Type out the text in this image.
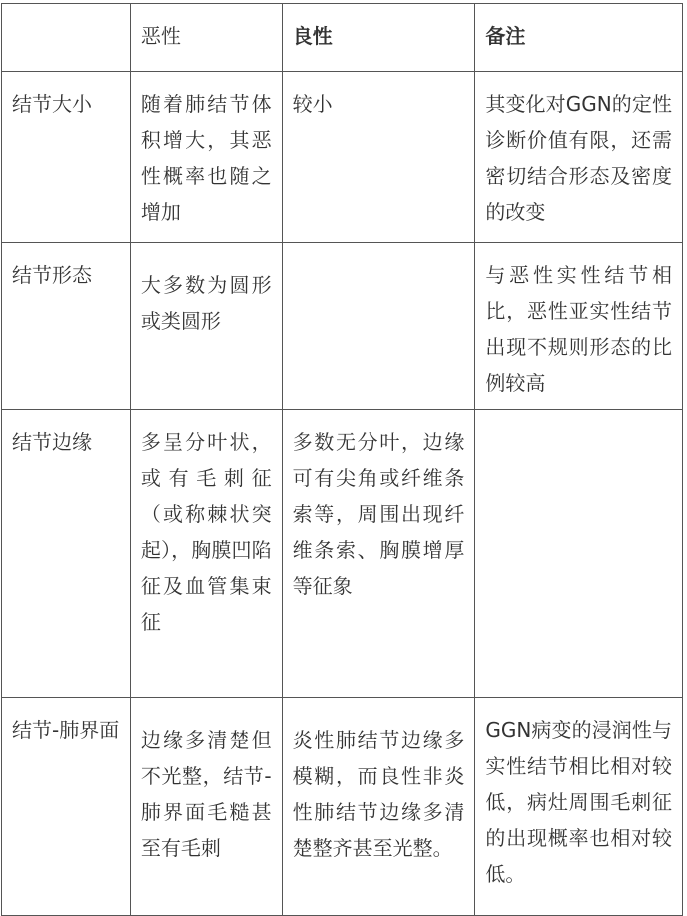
	恶性	良性	备注
结节大小	随着肺结节体积增大，其恶性概率也随之增加	较小	其变化对GGN的定性诊断价值有限，还需密切结合形态及密度的改变
结节形态	大多数为圆形或类圆形		与恶性实性结节相比，恶性亚实性结节出现不规则形态的比例较高
结节边缘	多呈分叶状，或有毛刺征（或称棘状突起），胸膜凹陷征及血管集束征	多数无分叶，边缘可有尖角或纤维条索等，周围出现纤维条索、胸膜增厚等征象	
结节-肺界面	边缘多清楚但不光整，结节-肺界面毛糙甚至有毛刺	炎性肺结节边缘多模糊，而良性非炎性肺结节边缘多清楚整齐甚至光整。	GGN病变的浸润性与实性结节相比相对较低，病灶周围毛刺征的出现概率也相对较低。
